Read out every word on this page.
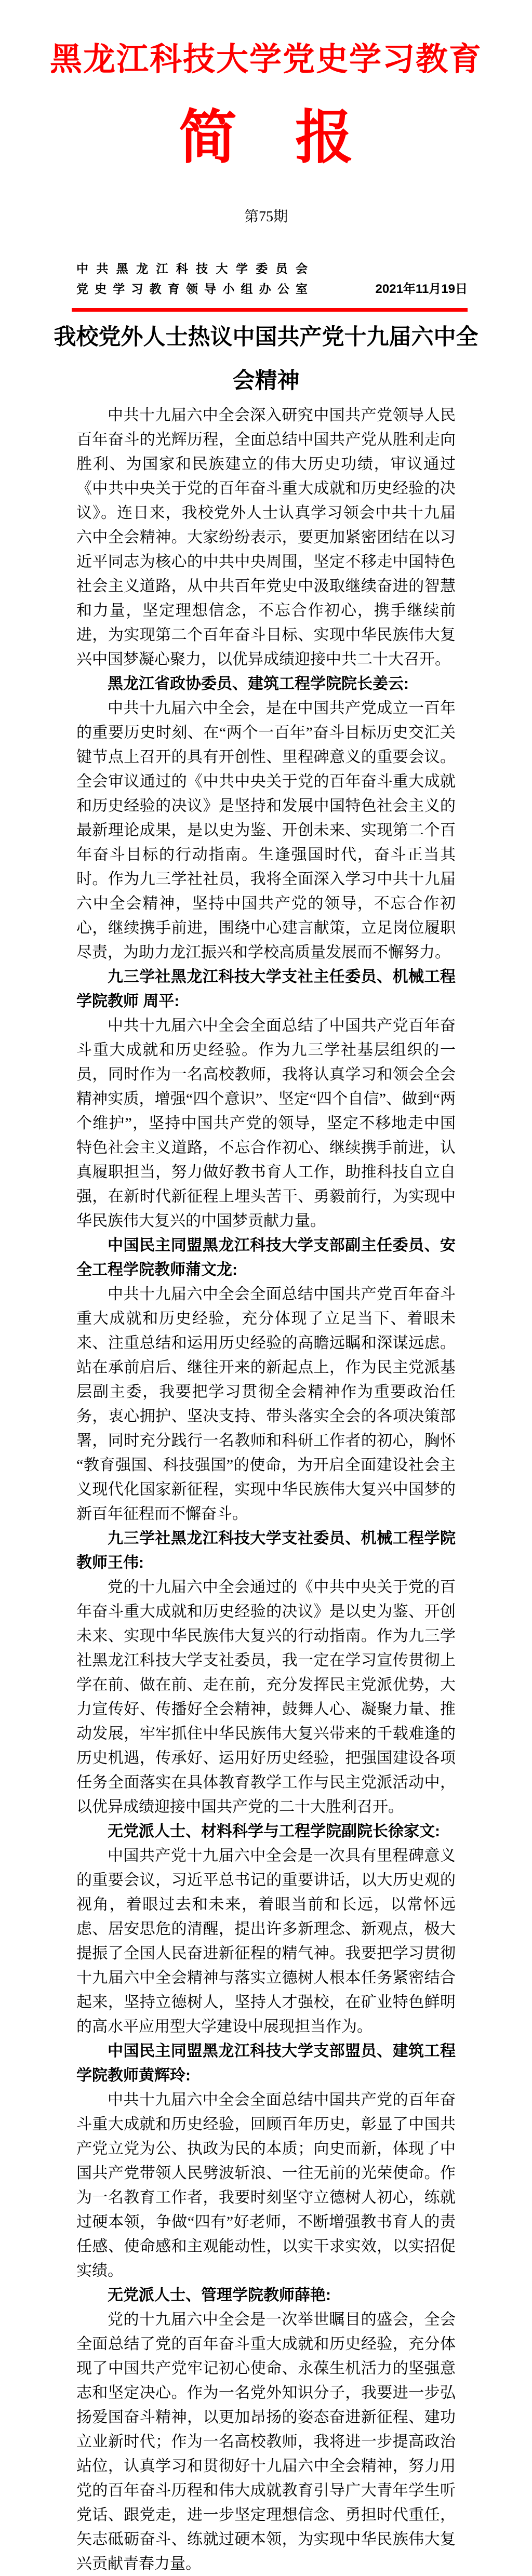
黑龙江科技大学党史学习教育
简　报
第75期
中共黑龙江科技大学委员会
党史学习教育领导小组办公室	2021年11月19日
我校党外人士热议中国共产党十九届六中全会精神

中共十九届六中全会深入研究中国共产党领导人民百年奋斗的光辉历程，全面总结中国共产党从胜利走向胜利、为国家和民族建立的伟大历史功绩，审议通过《中共中央关于党的百年奋斗重大成就和历史经验的决议》。连日来，我校党外人士认真学习领会中共十九届六中全会精神。大家纷纷表示，要更加紧密团结在以习近平同志为核心的中共中央周围，坚定不移走中国特色社会主义道路，从中共百年党史中汲取继续奋进的智慧和力量，坚定理想信念，不忘合作初心，携手继续前进，为实现第二个百年奋斗目标、实现中华民族伟大复兴中国梦凝心聚力，以优异成绩迎接中共二十大召开。

黑龙江省政协委员、建筑工程学院院长姜云:

中共十九届六中全会，是在中国共产党成立一百年的重要历史时刻、在“两个一百年”奋斗目标历史交汇关键节点上召开的具有开创性、里程碑意义的重要会议。全会审议通过的《中共中央关于党的百年奋斗重大成就和历史经验的决议》是坚持和发展中国特色社会主义的最新理论成果，是以史为鉴、开创未来、实现第二个百年奋斗目标的行动指南。生逢强国时代，奋斗正当其时。作为九三学社社员，我将全面深入学习中共十九届六中全会精神，坚持中国共产党的领导，不忘合作初心，继续携手前进，围绕中心建言献策，立足岗位履职尽责，为助力龙江振兴和学校高质量发展而不懈努力。

九三学社黑龙江科技大学支社主任委员、机械工程学院教师 周平:

中共十九届六中全会全面总结了中国共产党百年奋斗重大成就和历史经验。作为九三学社基层组织的一员，同时作为一名高校教师，我将认真学习和领会全会精神实质，增强“四个意识”、坚定“四个自信”、做到“两个维护”，坚持中国共产党的领导，坚定不移地走中国特色社会主义道路，不忘合作初心、继续携手前进，认真履职担当，努力做好教书育人工作，助推科技自立自强，在新时代新征程上埋头苦干、勇毅前行，为实现中华民族伟大复兴的中国梦贡献力量。

中国民主同盟黑龙江科技大学支部副主任委员、安全工程学院教师蒲文龙:

中共十九届六中全会全面总结中国共产党百年奋斗重大成就和历史经验，充分体现了立足当下、着眼未来、注重总结和运用历史经验的高瞻远瞩和深谋远虑。站在承前启后、继往开来的新起点上，作为民主党派基层副主委，我要把学习贯彻全会精神作为重要政治任务，衷心拥护、坚决支持、带头落实全会的各项决策部署，同时充分践行一名教师和科研工作者的初心，胸怀“教育强国、科技强国”的使命，为开启全面建设社会主义现代化国家新征程，实现中华民族伟大复兴中国梦的新百年征程而不懈奋斗。

九三学社黑龙江科技大学支社委员、机械工程学院教师王伟:

党的十九届六中全会通过的《中共中央关于党的百年奋斗重大成就和历史经验的决议》是以史为鉴、开创未来、实现中华民族伟大复兴的行动指南。作为九三学社黑龙江科技大学支社委员，我一定在学习宣传贯彻上学在前、做在前、走在前，充分发挥民主党派优势，大力宣传好、传播好全会精神，鼓舞人心、凝聚力量、推动发展，牢牢抓住中华民族伟大复兴带来的千载难逢的历史机遇，传承好、运用好历史经验，把强国建设各项任务全面落实在具体教育教学工作与民主党派活动中，以优异成绩迎接中国共产党的二十大胜利召开。

无党派人士、材料科学与工程学院副院长徐家文:

中国共产党十九届六中全会是一次具有里程碑意义的重要会议，习近平总书记的重要讲话，以大历史观的视角，着眼过去和未来，着眼当前和长远，以常怀远虑、居安思危的清醒，提出许多新理念、新观点，极大提振了全国人民奋进新征程的精气神。我要把学习贯彻十九届六中全会精神与落实立德树人根本任务紧密结合起来，坚持立德树人，坚持人才强校，在矿业特色鲜明的高水平应用型大学建设中展现担当作为。

中国民主同盟黑龙江科技大学支部盟员、建筑工程学院教师黄辉玲:

中共十九届六中全会全面总结中国共产党的百年奋斗重大成就和历史经验，回顾百年历史，彰显了中国共产党立党为公、执政为民的本质；向史而新，体现了中国共产党带领人民劈波斩浪、一往无前的光荣使命。作为一名教育工作者，我要时刻坚守立德树人初心，练就过硬本领，争做“四有”好老师，不断增强教书育人的责任感、使命感和主观能动性，以实干求实效，以实招促实绩。

无党派人士、管理学院教师薛艳:

党的十九届六中全会是一次举世瞩目的盛会，全会全面总结了党的百年奋斗重大成就和历史经验，充分体现了中国共产党牢记初心使命、永葆生机活力的坚强意志和坚定决心。作为一名党外知识分子，我要进一步弘扬爱国奋斗精神，以更加昂扬的姿态奋进新征程、建功立业新时代；作为一名高校教师，我将进一步提高政治站位，认真学习和贯彻好十九届六中全会精神，努力用党的百年奋斗历程和伟大成就教育引导广大青年学生听党话、跟党走，进一步坚定理想信念、勇担时代重任，矢志砥砺奋斗、练就过硬本领，为实现中华民族伟大复兴贡献青春力量。
